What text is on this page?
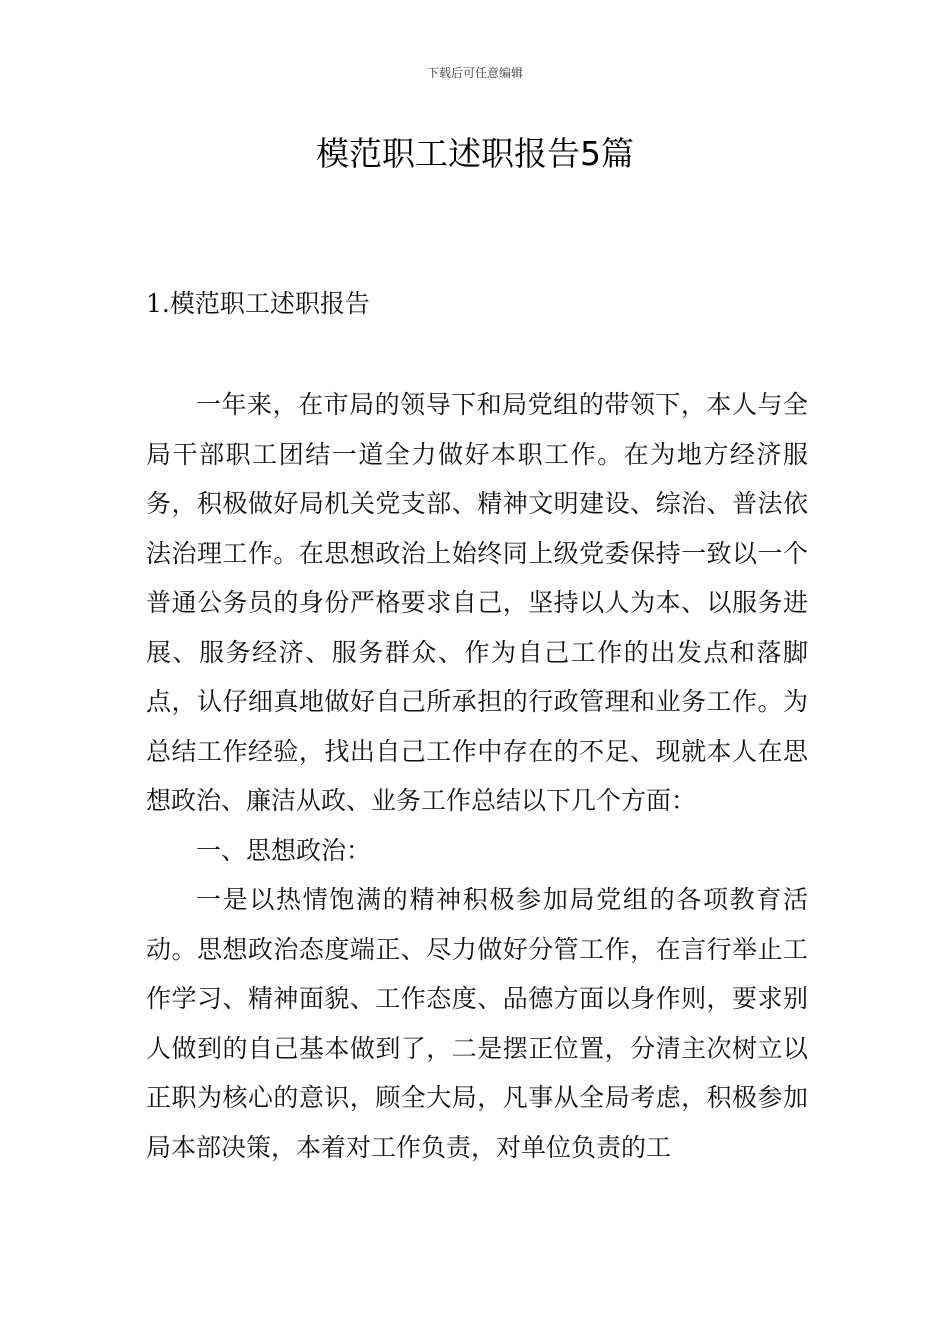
下载后可任意编辑
模范职工述职报告5篇
1.模范职工述职报告

一年来，在市局的领导下和局党组的带领下，本人与全局干部职工团结一道全力做好本职工作。在为地方经济服务，积极做好局机关党支部、精神文明建设、综治、普法依法治理工作。在思想政治上始终同上级党委保持一致以一个普通公务员的身份严格要求自己，坚持以人为本、以服务进展、服务经济、服务群众、作为自己工作的出发点和落脚点，认仔细真地做好自己所承担的行政管理和业务工作。为总结工作经验，找出自己工作中存在的不足、现就本人在思想政治、廉洁从政、业务工作总结以下几个方面：

一、思想政治：

一是以热情饱满的精神积极参加局党组的各项教育活动。思想政治态度端正、尽力做好分管工作，在言行举止工作学习、精神面貌、工作态度、品德方面以身作则，要求别人做到的自己基本做到了，二是摆正位置，分清主次树立以正职为核心的意识，顾全大局，凡事从全局考虑，积极参加局本部决策，本着对工作负责，对单位负责的工
